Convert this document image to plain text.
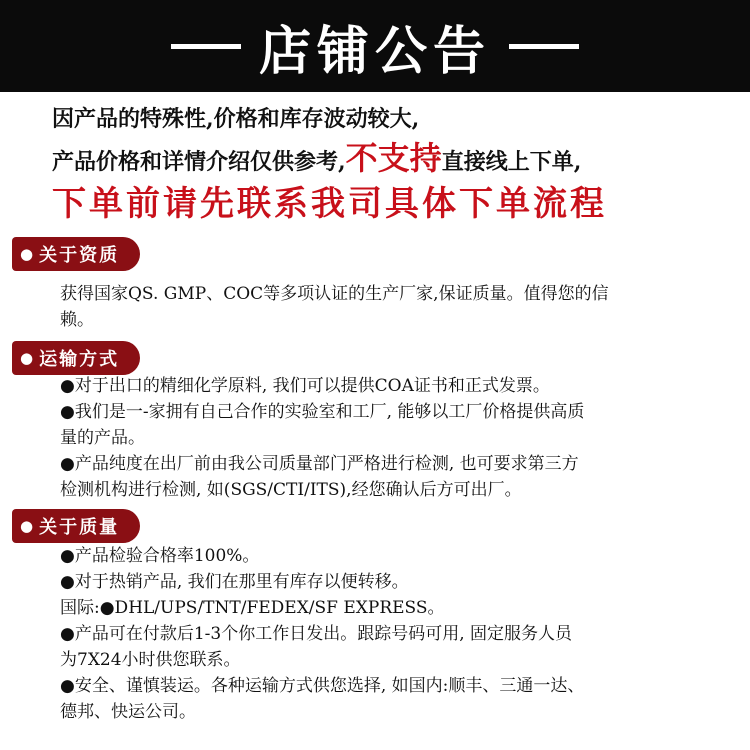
店铺公告
因产品的特殊性,价格和库存波动较大,
产品价格和详情介绍仅供参考,不支持直接线上下单,
下单前请先联系我司具体下单流程
● 关于资质

获得国家QS. GMP、COC等多项认证的生产厂家,保证质量。值得您的信

赖。

● 运输方式

●对于出口的精细化学原料, 我们可以提供COA证书和正式发票。

●我们是一-家拥有自己合作的实验室和工厂, 能够以工厂价格提供高质

量的产品。

●产品纯度在出厂前由我公司质量部门严格进行检测, 也可要求第三方

检测机构进行检测, 如(SGS/CTI/ITS),经您确认后方可出厂。

● 关于质量

●产品检验合格率100%。

●对于热销产品, 我们在那里有库存以便转移。

国际:●DHL/UPS/TNT/FEDEX/SF EXPRESS。

●产品可在付款后1-3个你工作日发出。跟踪号码可用, 固定服务人员

为7X24小时供您联系。

●安全、谨慎装运。各种运输方式供您选择, 如国内:顺丰、三通一达、

德邦、快运公司。
